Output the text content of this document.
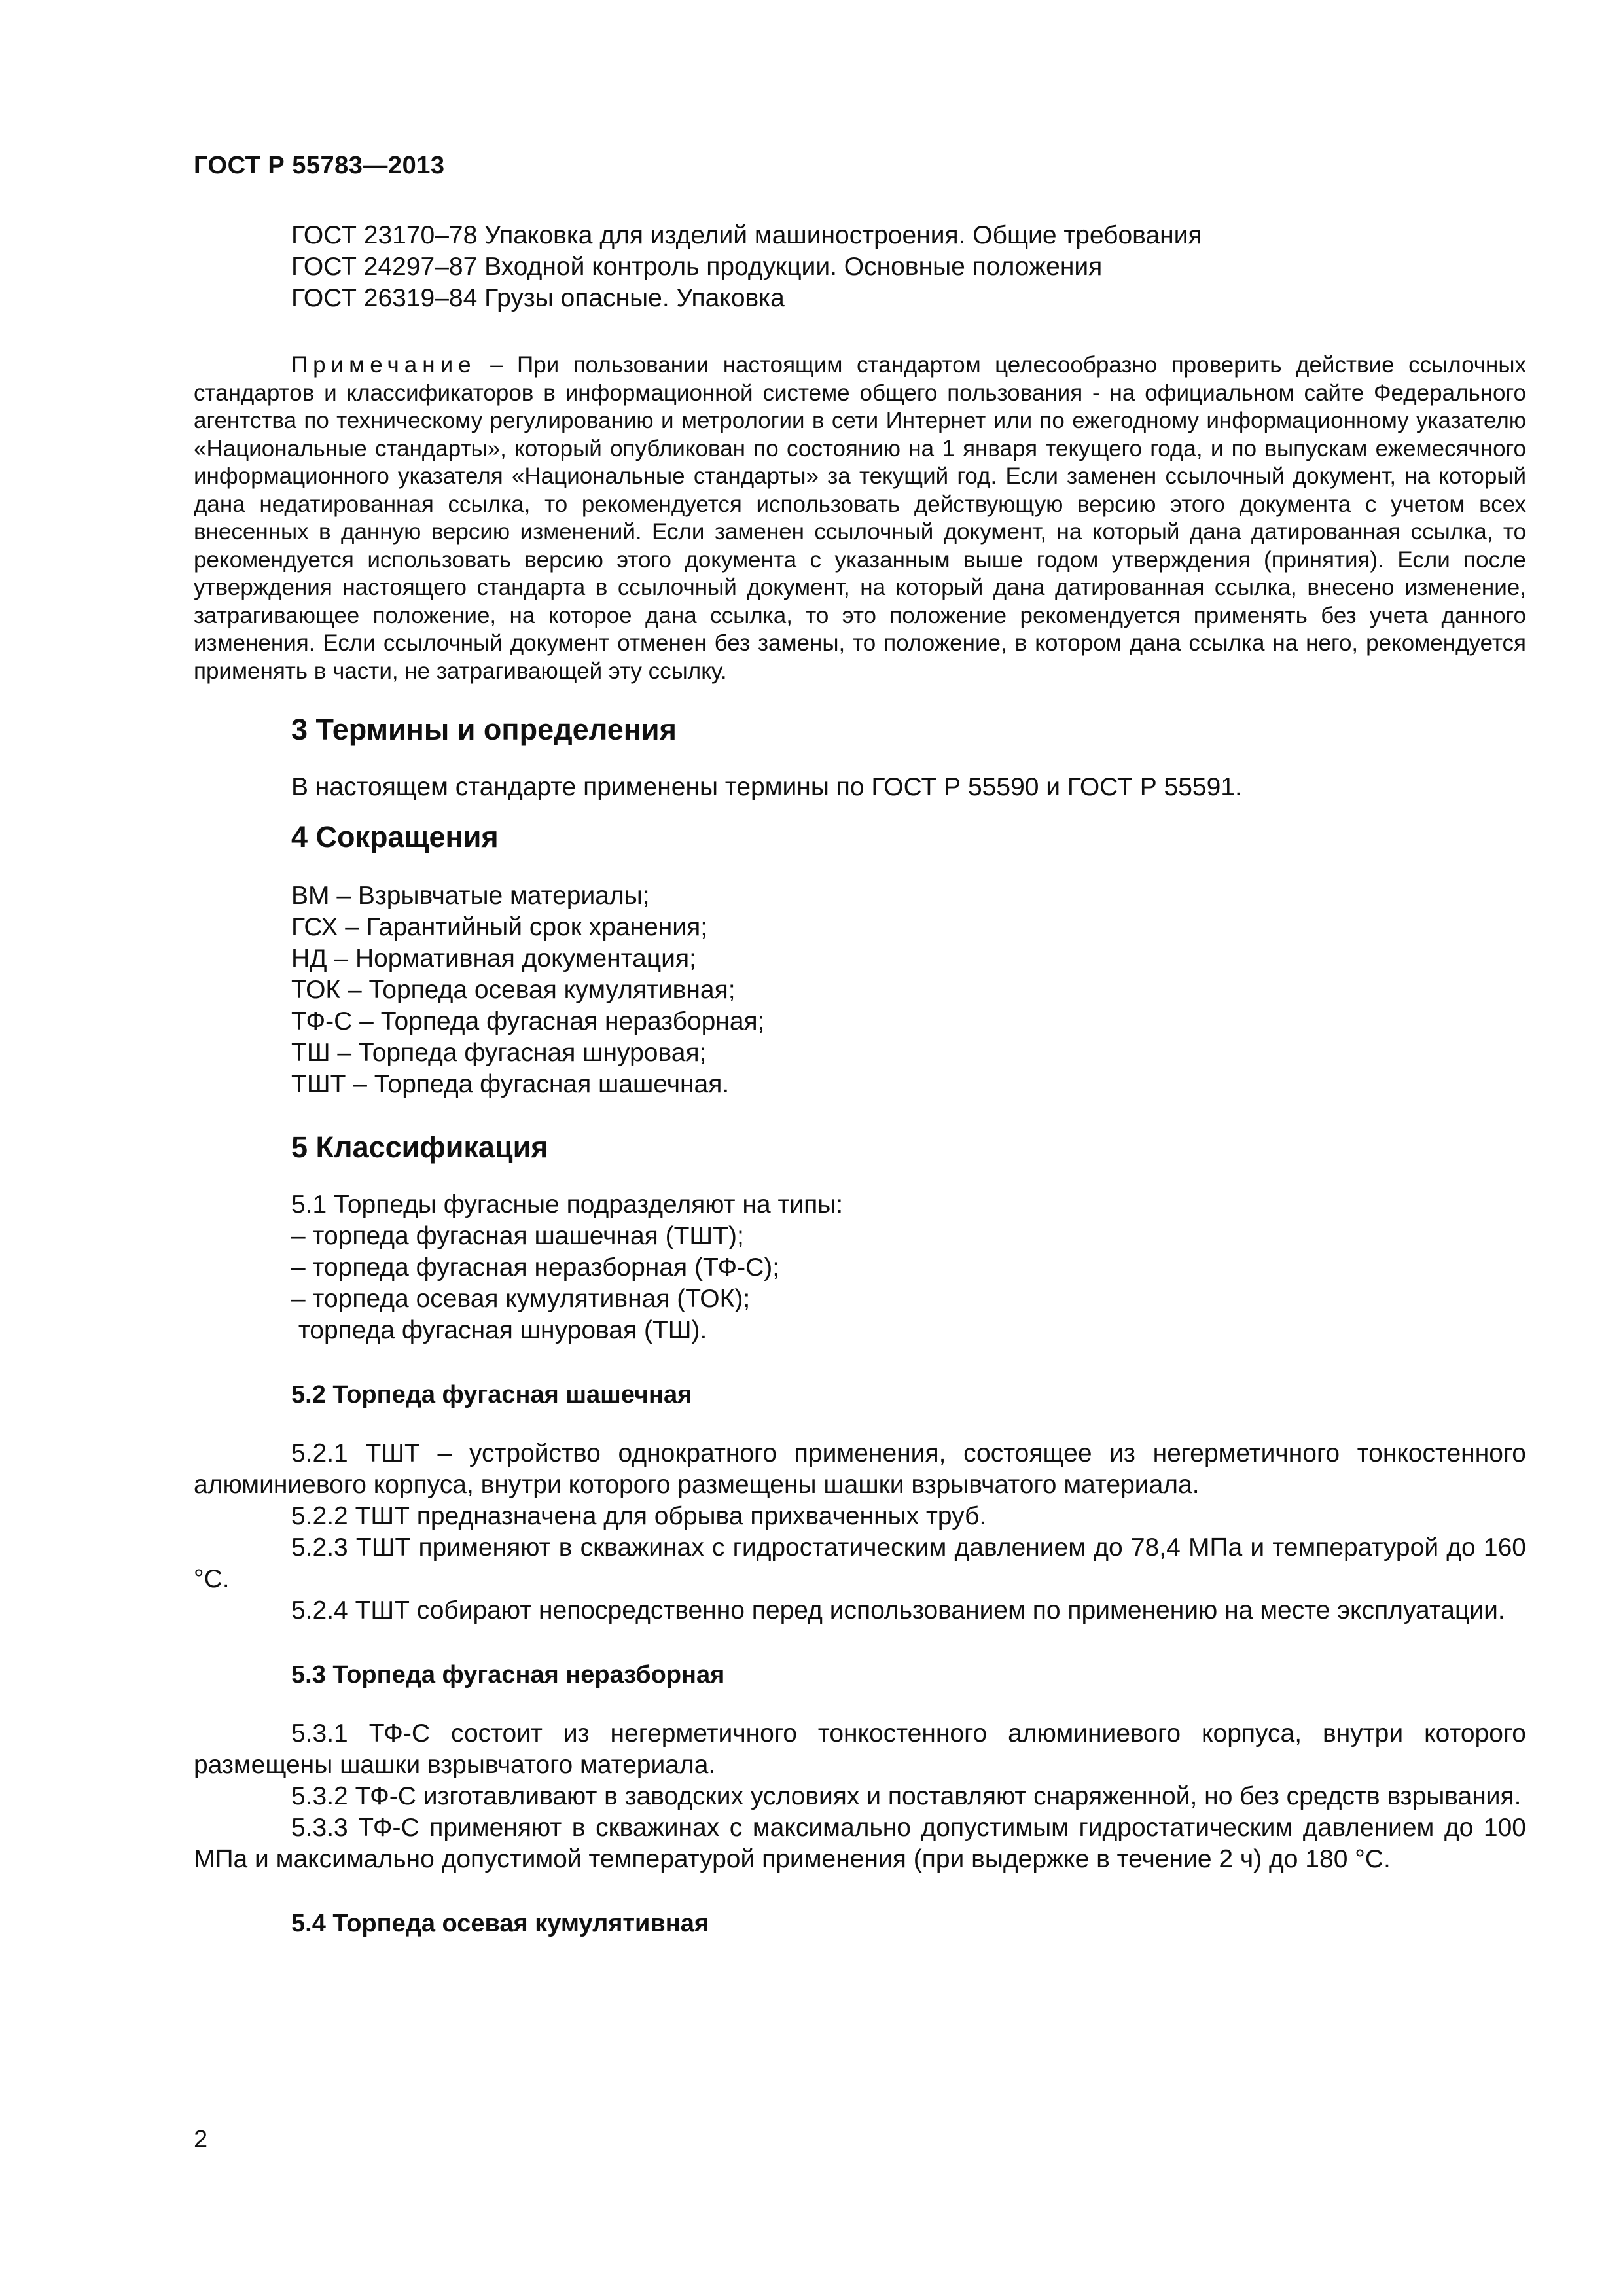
ГОСТ Р 55783—2013

ГОСТ 23170–78 Упаковка для изделий машиностроения. Общие требования

ГОСТ 24297–87 Входной контроль продукции. Основные положения

ГОСТ 26319–84 Грузы опасные. Упаковка

Примечание – При пользовании настоящим стандартом целесообразно проверить действие ссылочных стандартов и классификаторов в информационной системе общего пользования - на официальном сайте Федерального агентства по техническому регулированию и метрологии в сети Интернет или по ежегодному информационному указателю «Национальные стандарты», который опубликован по состоянию на 1 января текущего года, и по выпускам ежемесячного информационного указателя «Национальные стандарты» за текущий год. Если заменен ссылочный документ, на который дана недатированная ссылка, то рекомендуется использовать действующую версию этого документа с учетом всех внесенных в данную версию изменений. Если заменен ссылочный документ, на который дана датированная ссылка, то рекомендуется использовать версию этого документа с указанным выше годом утверждения (принятия). Если после утверждения настоящего стандарта в ссылочный документ, на который дана датированная ссылка, внесено изменение, затрагивающее положение, на которое дана ссылка, то это положение рекомендуется применять без учета данного изменения. Если ссылочный документ отменен без замены, то положение, в котором дана ссылка на него, рекомендуется применять в части, не затрагивающей эту ссылку.

3 Термины и определения

В настоящем стандарте применены термины по ГОСТ Р 55590 и ГОСТ Р 55591.

4 Сокращения

ВМ – Взрывчатые материалы;

ГСХ – Гарантийный срок хранения;

НД – Нормативная документация;

ТОК – Торпеда осевая кумулятивная;

ТФ-С – Торпеда фугасная неразборная;

ТШ – Торпеда фугасная шнуровая;

ТШТ – Торпеда фугасная шашечная.

5 Классификация

5.1 Торпеды фугасные подразделяют на типы:

– торпеда фугасная шашечная (ТШТ);

– торпеда фугасная неразборная (ТФ-С);

– торпеда осевая кумулятивная (ТОК);

торпеда фугасная шнуровая (ТШ).

5.2 Торпеда фугасная шашечная

5.2.1 ТШТ – устройство однократного применения, состоящее из негерметичного тонкостенного алюминиевого корпуса, внутри которого размещены шашки взрывчатого материала.

5.2.2 ТШТ предназначена для обрыва прихваченных труб.

5.2.3 ТШТ применяют в скважинах с гидростатическим давлением до 78,4 МПа и температурой до 160 °С.

5.2.4 ТШТ собирают непосредственно перед использованием по применению на месте эксплуатации.

5.3 Торпеда фугасная неразборная

5.3.1 ТФ-С состоит из негерметичного тонкостенного алюминиевого корпуса, внутри которого размещены шашки взрывчатого материала.

5.3.2 ТФ-С изготавливают в заводских условиях и поставляют снаряженной, но без средств взрывания.

5.3.3 ТФ-С применяют в скважинах с максимально допустимым гидростатическим давлением до 100 МПа и максимально допустимой температурой применения (при выдержке в течение 2 ч) до 180 °С.

5.4 Торпеда осевая кумулятивная
2
